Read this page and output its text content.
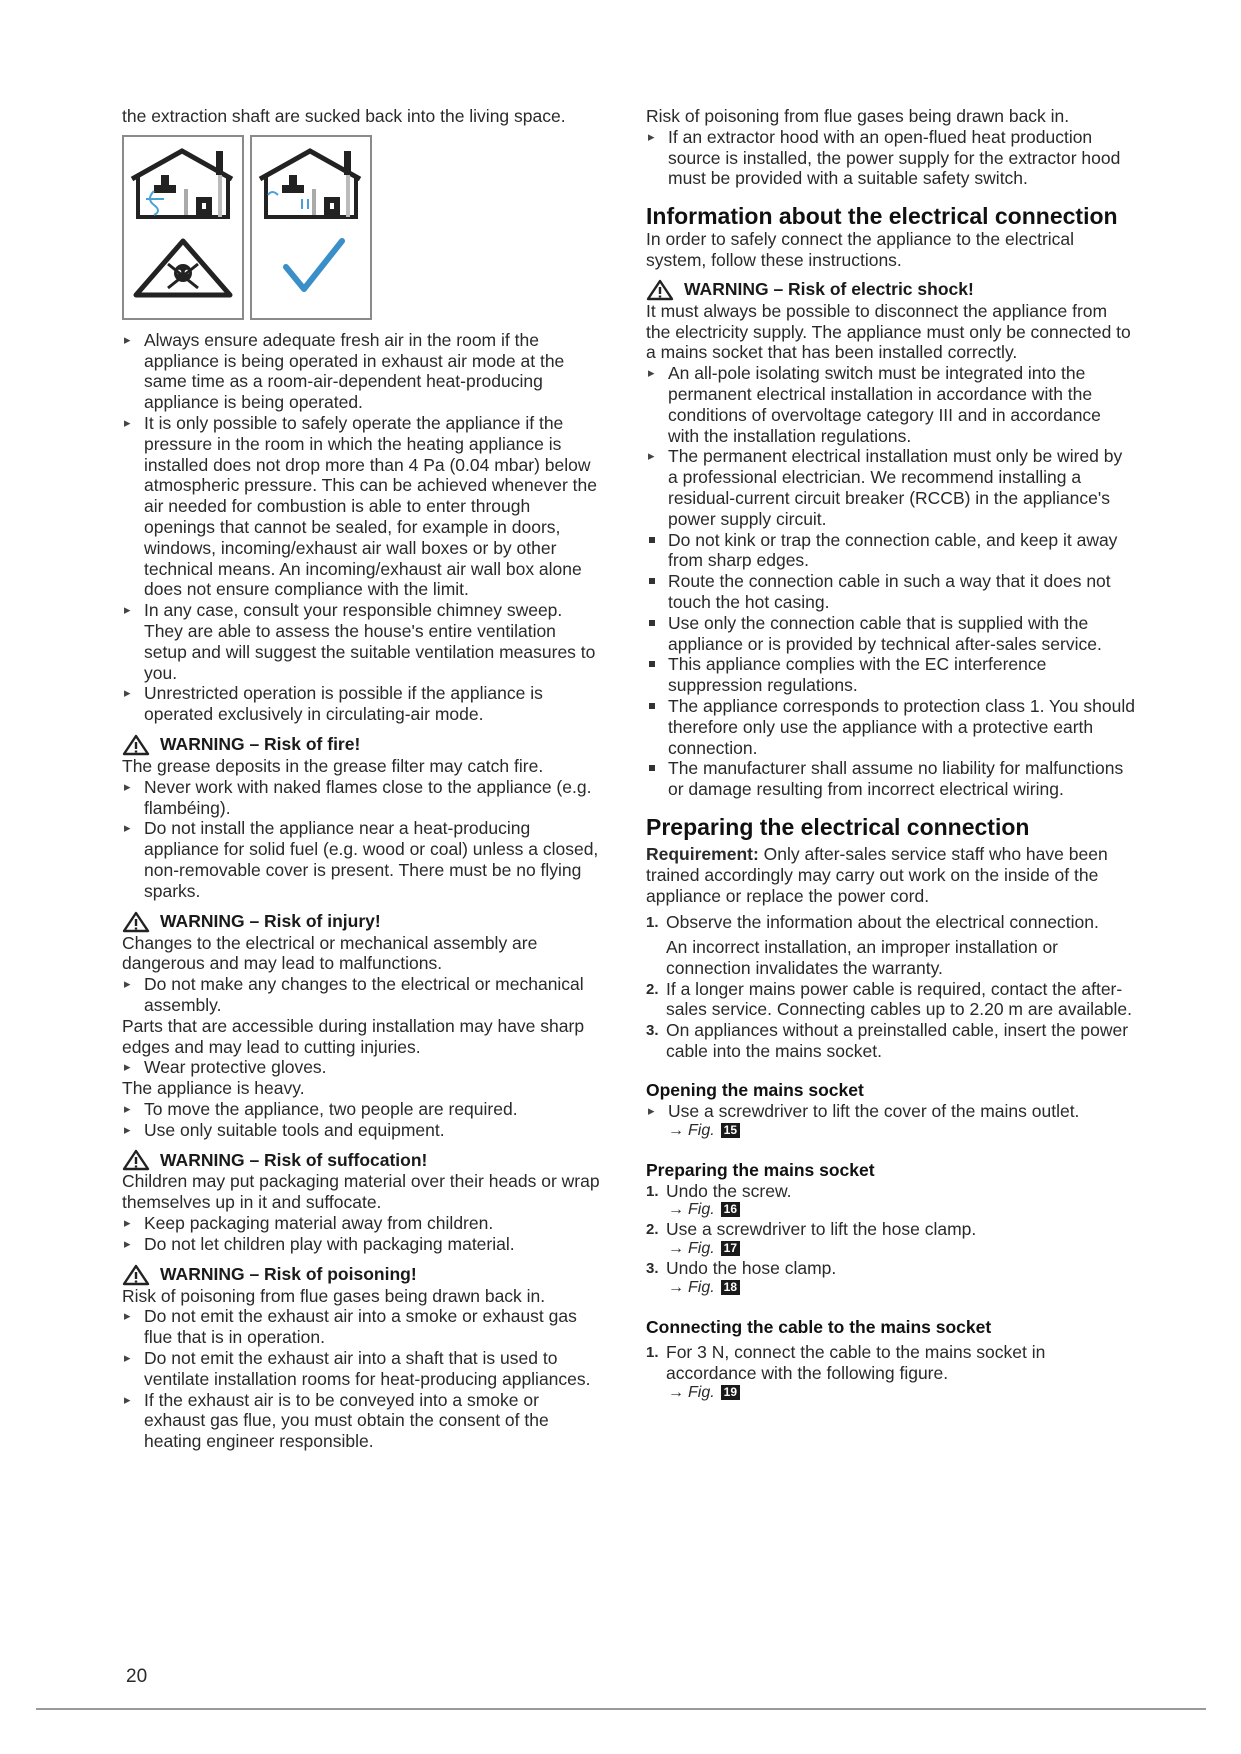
the extraction shaft are sucked back into the living space.

▸ Always ensure adequate fresh air in the room if the appliance is being operated in exhaust air mode at the same time as a room-air-dependent heat-producing appliance is being operated.
▸ It is only possible to safely operate the appliance if the pressure in the room in which the heating appliance is installed does not drop more than 4 Pa (0.04 mbar) below atmospheric pressure. This can be achieved whenever the air needed for combustion is able to enter through openings that cannot be sealed, for example in doors, windows, incoming/exhaust air wall boxes or by other technical means. An incoming/exhaust air wall box alone does not ensure compliance with the limit.
▸ In any case, consult your responsible chimney sweep. They are able to assess the house's entire ventilation setup and will suggest the suitable ventilation measures to you.
▸ Unrestricted operation is possible if the appliance is operated exclusively in circulating-air mode.
WARNING – Risk of fire!

The grease deposits in the grease filter may catch fire.

▸ Never work with naked flames close to the appliance (e.g. flambéing).
▸ Do not install the appliance near a heat-producing appliance for solid fuel (e.g. wood or coal) unless a closed, non-removable cover is present. There must be no flying sparks.
WARNING – Risk of injury!

Changes to the electrical or mechanical assembly are dangerous and may lead to malfunctions.

▸ Do not make any changes to the electrical or mechanical assembly.

Parts that are accessible during installation may have sharp edges and may lead to cutting injuries.

▸ Wear protective gloves.

The appliance is heavy.

▸ To move the appliance, two people are required.
▸ Use only suitable tools and equipment.
WARNING – Risk of suffocation!

Children may put packaging material over their heads or wrap themselves up in it and suffocate.

▸ Keep packaging material away from children.
▸ Do not let children play with packaging material.
WARNING – Risk of poisoning!

Risk of poisoning from flue gases being drawn back in.

▸ Do not emit the exhaust air into a smoke or exhaust gas flue that is in operation.
▸ Do not emit the exhaust air into a shaft that is used to ventilate installation rooms for heat-producing appliances.
▸ If the exhaust air is to be conveyed into a smoke or exhaust gas flue, you must obtain the consent of the heating engineer responsible.

Risk of poisoning from flue gases being drawn back in.

▸ If an extractor hood with an open-flued heat production source is installed, the power supply for the extractor hood must be provided with a suitable safety switch.
Information about the electrical connection

In order to safely connect the appliance to the electrical system, follow these instructions.

WARNING – Risk of electric shock!

It must always be possible to disconnect the appliance from the electricity supply. The appliance must only be connected to a mains socket that has been installed correctly.

▸ An all-pole isolating switch must be integrated into the permanent electrical installation in accordance with the conditions of overvoltage category III and in accordance with the installation regulations.
▸ The permanent electrical installation must only be wired by a professional electrician. We recommend installing a residual-current circuit breaker (RCCB) in the appliance's power supply circuit.
Do not kink or trap the connection cable, and keep it away from sharp edges.
Route the connection cable in such a way that it does not touch the hot casing.
Use only the connection cable that is supplied with the appliance or is provided by technical after-sales service.
This appliance complies with the EC interference suppression regulations.
The appliance corresponds to protection class 1. You should therefore only use the appliance with a protective earth connection.
The manufacturer shall assume no liability for malfunctions or damage resulting from incorrect electrical wiring.
Preparing the electrical connection

Requirement: Only after-sales service staff who have been trained accordingly may carry out work on the inside of the appliance or replace the power cord.

1. Observe the information about the electrical connection.
An incorrect installation, an improper installation or connection invalidates the warranty.
2. If a longer mains power cable is required, contact the after-sales service. Connecting cables up to 2.20 m are available.
3. On appliances without a preinstalled cable, insert the power cable into the mains socket.
Opening the mains socket
▸ Use a screwdriver to lift the cover of the mains outlet.
→ Fig. 15
Preparing the mains socket
1. Undo the screw.
→ Fig. 16
2. Use a screwdriver to lift the hose clamp.
→ Fig. 17
3. Undo the hose clamp.
→ Fig. 18
Connecting the cable to the mains socket
1. For 3 N, connect the cable to the mains socket in accordance with the following figure.
→ Fig. 19
20
